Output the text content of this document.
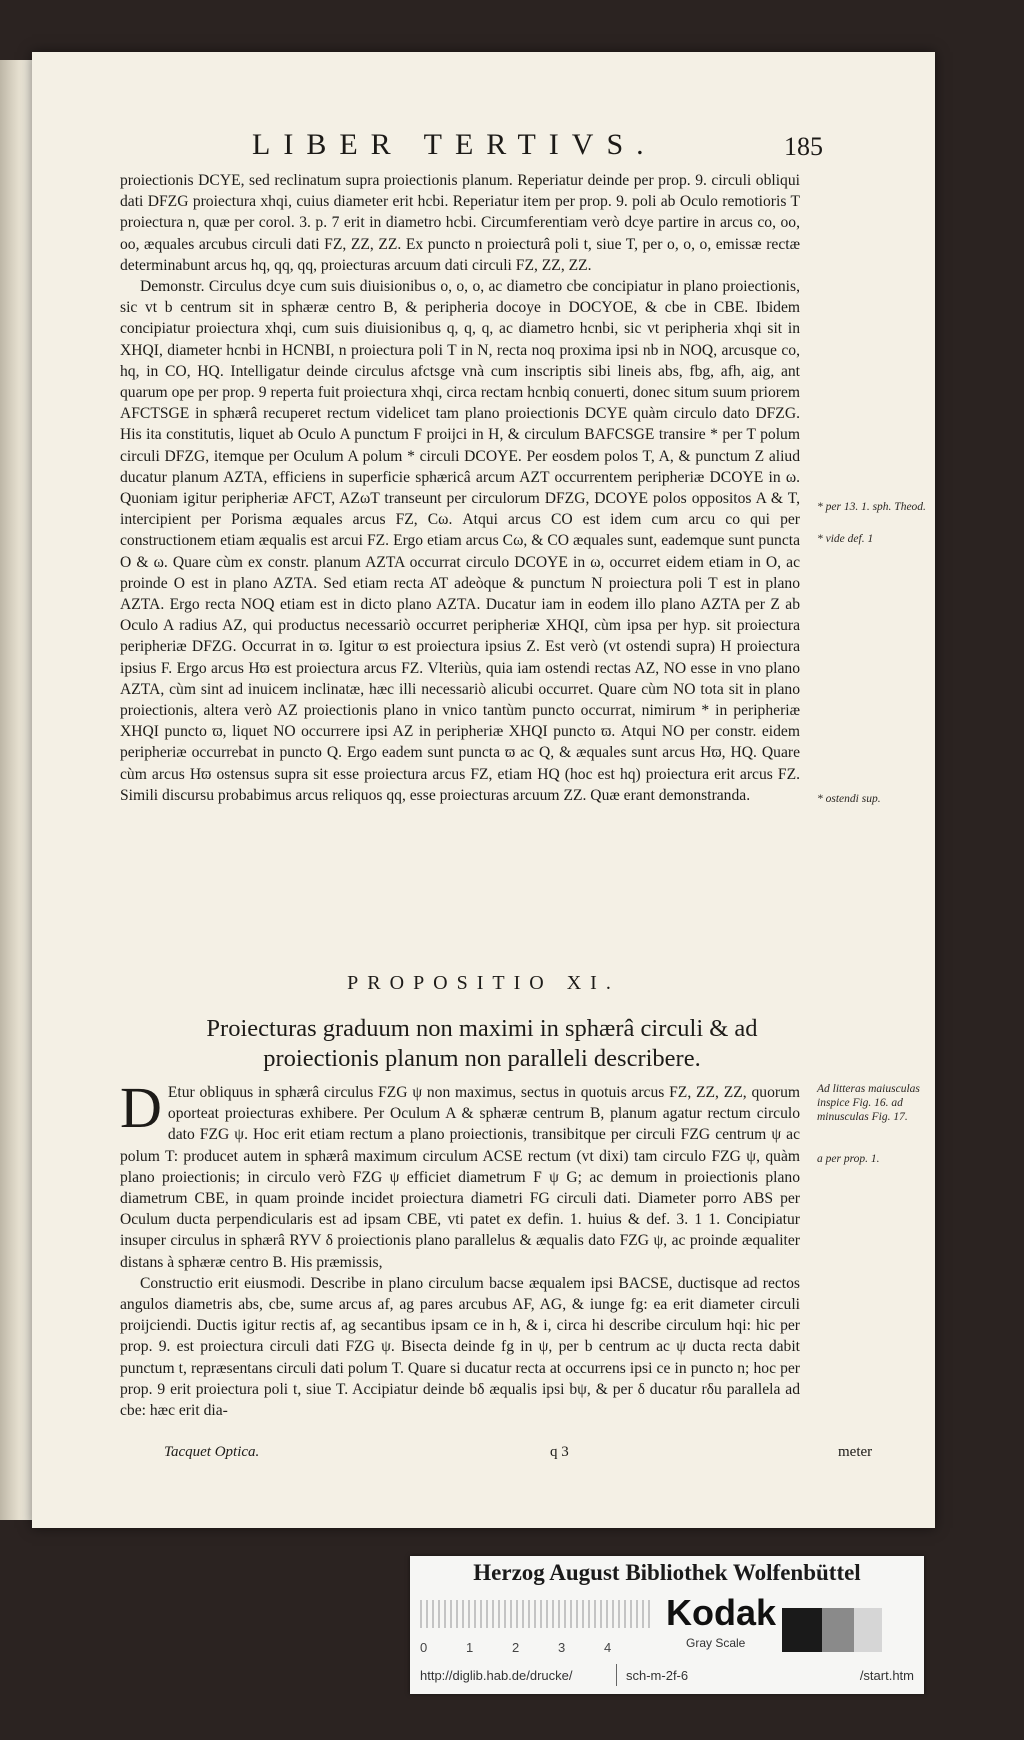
LIBER TERTIVS.	185

proiectionis DCYE, sed reclinatum supra proiectionis planum. Reperiatur deinde per prop. 9. circuli obliqui dati DFZG proiectura xhqi, cuius diameter erit hcbi. Reperiatur item per prop. 9. poli ab Oculo remotioris T proiectura n, quæ per corol. 3. p. 7 erit in diametro hcbi. Circumferentiam verò dcye partire in arcus co, oo, oo, æquales arcubus circuli dati FZ, ZZ, ZZ. Ex puncto n proiecturâ poli t, siue T, per o, o, o, emissæ rectæ determinabunt arcus hq, qq, qq, proiecturas arcuum dati circuli FZ, ZZ, ZZ.

Demonstr. Circulus dcye cum suis diuisionibus o, o, o, ac diametro cbe concipiatur in plano proiectionis, sic vt b centrum sit in sphæræ centro B, & peripheria docoye in DOCYOE, & cbe in CBE. Ibidem concipiatur proiectura xhqi, cum suis diuisionibus q, q, q, ac diametro hcnbi, sic vt peripheria xhqi sit in XHQI, diameter hcnbi in HCNBI, n proiectura poli T in N, recta noq proxima ipsi nb in NOQ, arcusque co, hq, in CO, HQ. Intelligatur deinde circulus afctsge vnà cum inscriptis sibi lineis abs, fbg, afh, aig, ant quarum ope per prop. 9 reperta fuit proiectura xhqi, circa rectam hcnbiq conuerti, donec situm suum priorem AFCTSGE in sphærâ recuperet rectum videlicet tam plano proiectionis DCYE quàm circulo dato DFZG. His ita constitutis, liquet ab Oculo A punctum F proijci in H, & circulum BAFCSGE transire * per T polum circuli DFZG, itemque per Oculum A polum * circuli DCOYE. Per eosdem polos T, A, & punctum Z aliud ducatur planum AZTA, efficiens in superficie sphæricâ arcum AZT occurrentem peripheriæ DCOYE in ω. Quoniam igitur peripheriæ AFCT, AZωT transeunt per circulorum DFZG, DCOYE polos oppositos A & T, intercipient per Porisma æquales arcus FZ, Cω. Atqui arcus CO est idem cum arcu co qui per constructionem etiam æqualis est arcui FZ. Ergo etiam arcus Cω, & CO æquales sunt, eademque sunt puncta O & ω. Quare cùm ex constr. planum AZTA occurrat circulo DCOYE in ω, occurret eidem etiam in O, ac proinde O est in plano AZTA. Sed etiam recta AT adeòque & punctum N proiectura poli T est in plano AZTA. Ergo recta NOQ etiam est in dicto plano AZTA. Ducatur iam in eodem illo plano AZTA per Z ab Oculo A radius AZ, qui productus necessariò occurret peripheriæ XHQI, cùm ipsa per hyp. sit proiectura peripheriæ DFZG. Occurrat in ϖ. Igitur ϖ est proiectura ipsius Z. Est verò (vt ostendi supra) H proiectura ipsius F. Ergo arcus Hϖ est proiectura arcus FZ. Vlteriùs, quia iam ostendi rectas AZ, NO esse in vno plano AZTA, cùm sint ad inuicem inclinatæ, hæc illi necessariò alicubi occurret. Quare cùm NO tota sit in plano proiectionis, altera verò AZ proiectionis plano in vnico tantùm puncto occurrat, nimirum * in peripheriæ XHQI puncto ϖ, liquet NO occurrere ipsi AZ in peripheriæ XHQI puncto ϖ. Atqui NO per constr. eidem peripheriæ occurrebat in puncto Q. Ergo eadem sunt puncta ϖ ac Q, & æquales sunt arcus Hϖ, HQ. Quare cùm arcus Hϖ ostensus supra sit esse proiectura arcus FZ, etiam HQ (hoc est hq) proiectura erit arcus FZ. Simili discursu probabimus arcus reliquos qq, esse proiecturas arcuum ZZ. Quæ erant demonstranda.

PROPOSITIO XI.
Proiecturas graduum non maximi in sphærâ circuli & ad proiectionis planum non paralleli describere.

D Etur obliquus in sphærâ circulus FZG ψ non maximus, sectus in quotuis arcus FZ, ZZ, ZZ, quorum oporteat proiecturas exhibere. Per Oculum A & sphæræ centrum B, planum agatur rectum circulo dato FZG ψ. Hoc erit etiam rectum a plano proiectionis, transibitque per circuli FZG centrum ψ ac polum T: producet autem in sphærâ maximum circulum ACSE rectum (vt dixi) tam circulo FZG ψ, quàm plano proiectionis; in circulo verò FZG ψ efficiet diametrum F ψ G; ac demum in proiectionis plano diametrum CBE, in quam proinde incidet proiectura diametri FG circuli dati. Diameter porro ABS per Oculum ducta perpendicularis est ad ipsam CBE, vti patet ex defin. 1. huius & def. 3. 1 1. Concipiatur insuper circulus in sphærâ RYV δ proiectionis plano parallelus & æqualis dato FZG ψ, ac proinde æqualiter distans à sphæræ centro B. His præmissis,

Constructio erit eiusmodi. Describe in plano circulum bacse æqualem ipsi BACSE, ductisque ad rectos angulos diametris abs, cbe, sume arcus af, ag pares arcubus AF, AG, & iunge fg: ea erit diameter circuli proijciendi. Ductis igitur rectis af, ag secantibus ipsam ce in h, & i, circa hi describe circulum hqi: hic per prop. 9. est proiectura circuli dati FZG ψ. Bisecta deinde fg in ψ, per b centrum ac ψ ducta recta dabit punctum t, repræsentans circuli dati polum T. Quare si ducatur recta at occurrens ipsi ce in puncto n; hoc per prop. 9 erit proiectura poli t, siue T. Accipiatur deinde bδ æqualis ipsi bψ, & per δ ducatur rδu parallela ad cbe: hæc erit dia-

* per 13. 1. sph. Theod.
* vide def. 1
* ostendi sup.
Ad litteras maiusculas inspice Fig. 16. ad minusculas Fig. 17.
a per prop. 1.
Tacquet Optica.	q 3	meter
Herzog August Bibliothek Wolfenbüttel
0	1	2	3	4
Kodak
Gray Scale
http://diglib.hab.de/drucke/	sch-m-2f-6	/start.htm
